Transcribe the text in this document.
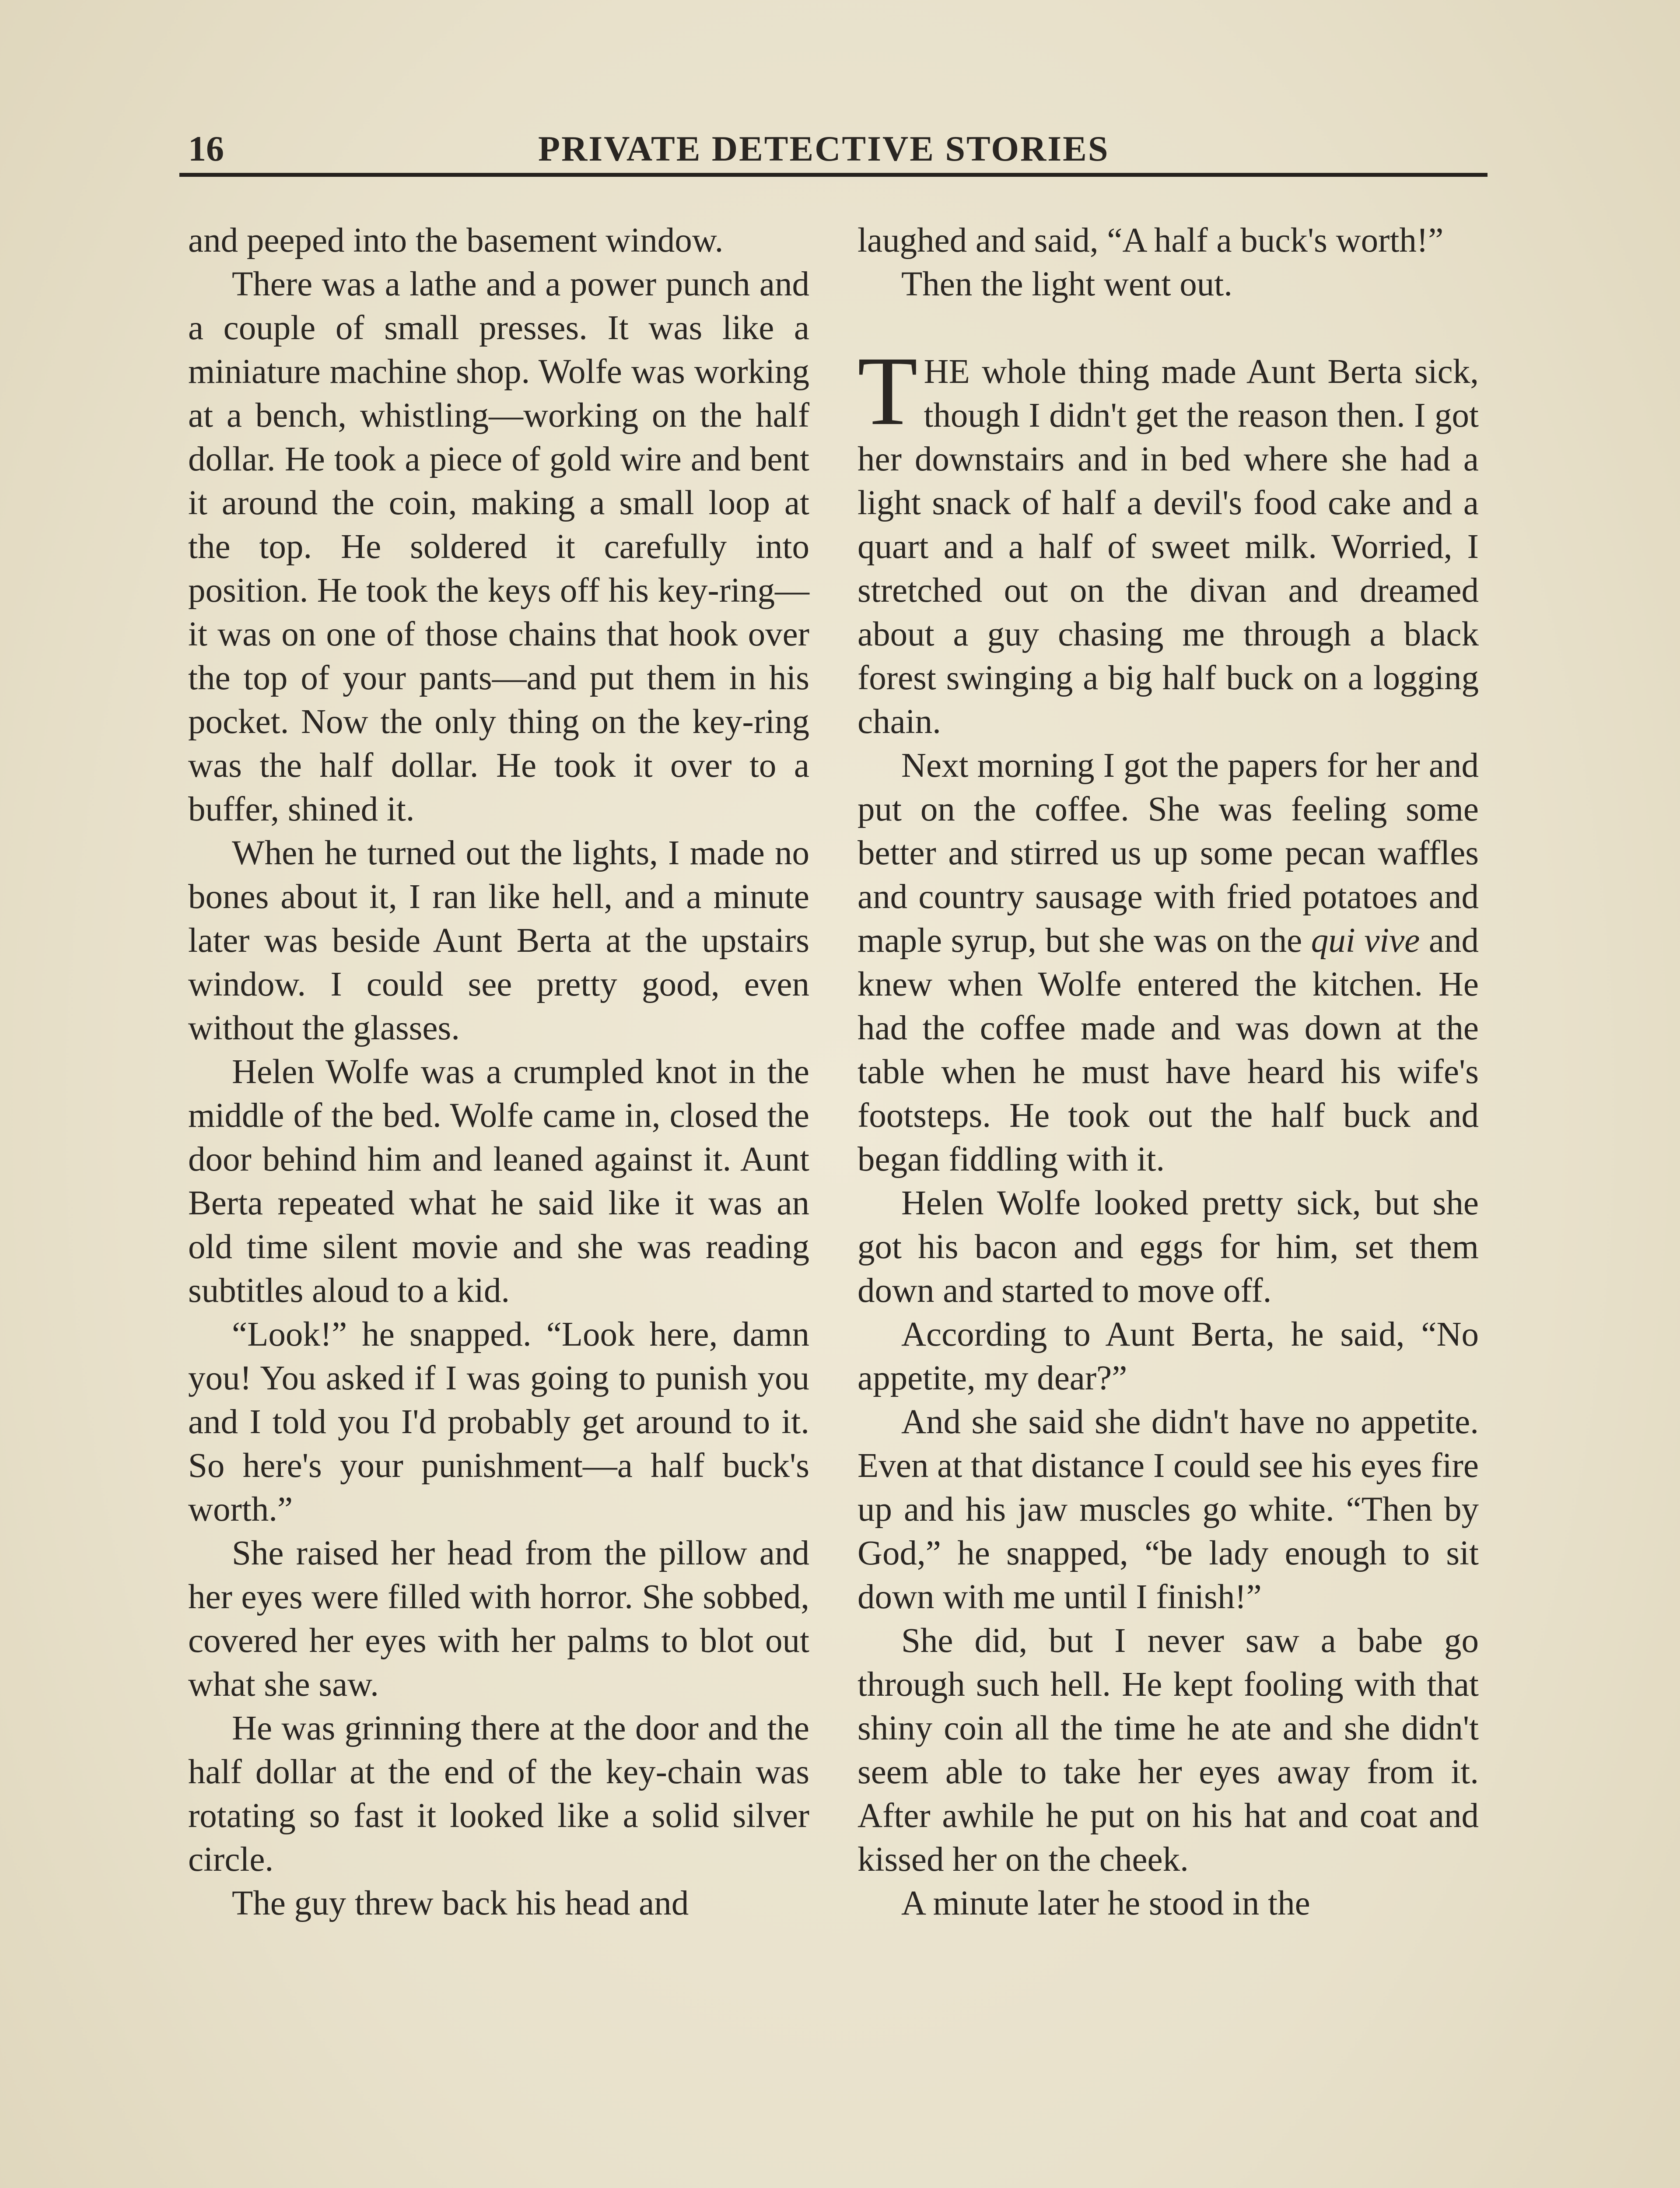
16	PRIVATE DETECTIVE STORIES

and peeped into the basement window.

There was a lathe and a power punch and a couple of small presses. It was like a miniature machine shop. Wolfe was working at a bench, whistling—working on the half dollar. He took a piece of gold wire and bent it around the coin, making a small loop at the top. He soldered it carefully into position. He took the keys off his key-ring—it was on one of those chains that hook over the top of your pants—and put them in his pocket. Now the only thing on the key-ring was the half dollar. He took it over to a buffer, shined it.

When he turned out the lights, I made no bones about it, I ran like hell, and a minute later was beside Aunt Berta at the upstairs window. I could see pretty good, even without the glasses.

Helen Wolfe was a crumpled knot in the middle of the bed. Wolfe came in, closed the door behind him and leaned against it. Aunt Berta repeated what he said like it was an old time silent movie and she was reading subtitles aloud to a kid.

“Look!” he snapped. “Look here, damn you! You asked if I was going to punish you and I told you I'd probably get around to it. So here's your punishment—a half buck's worth.”

She raised her head from the pillow and her eyes were filled with horror. She sobbed, covered her eyes with her palms to blot out what she saw.

He was grinning there at the door and the half dollar at the end of the key-chain was rotating so fast it looked like a solid silver circle.

The guy threw back his head and

laughed and said, “A half a buck's worth!”

Then the light went out.

THE whole thing made Aunt Berta sick, though I didn't get the reason then. I got her downstairs and in bed where she had a light snack of half a devil's food cake and a quart and a half of sweet milk. Worried, I stretched out on the divan and dreamed about a guy chasing me through a black forest swinging a big half buck on a logging chain.

Next morning I got the papers for her and put on the coffee. She was feeling some better and stirred us up some pecan waffles and country sausage with fried potatoes and maple syrup, but she was on the qui vive and knew when Wolfe entered the kitchen. He had the coffee made and was down at the table when he must have heard his wife's footsteps. He took out the half buck and began fiddling with it.

Helen Wolfe looked pretty sick, but she got his bacon and eggs for him, set them down and started to move off.

According to Aunt Berta, he said, “No appetite, my dear?”

And she said she didn't have no appetite. Even at that distance I could see his eyes fire up and his jaw muscles go white. “Then by God,” he snapped, “be lady enough to sit down with me until I finish!”

She did, but I never saw a babe go through such hell. He kept fooling with that shiny coin all the time he ate and she didn't seem able to take her eyes away from it. After awhile he put on his hat and coat and kissed her on the cheek.

A minute later he stood in the
